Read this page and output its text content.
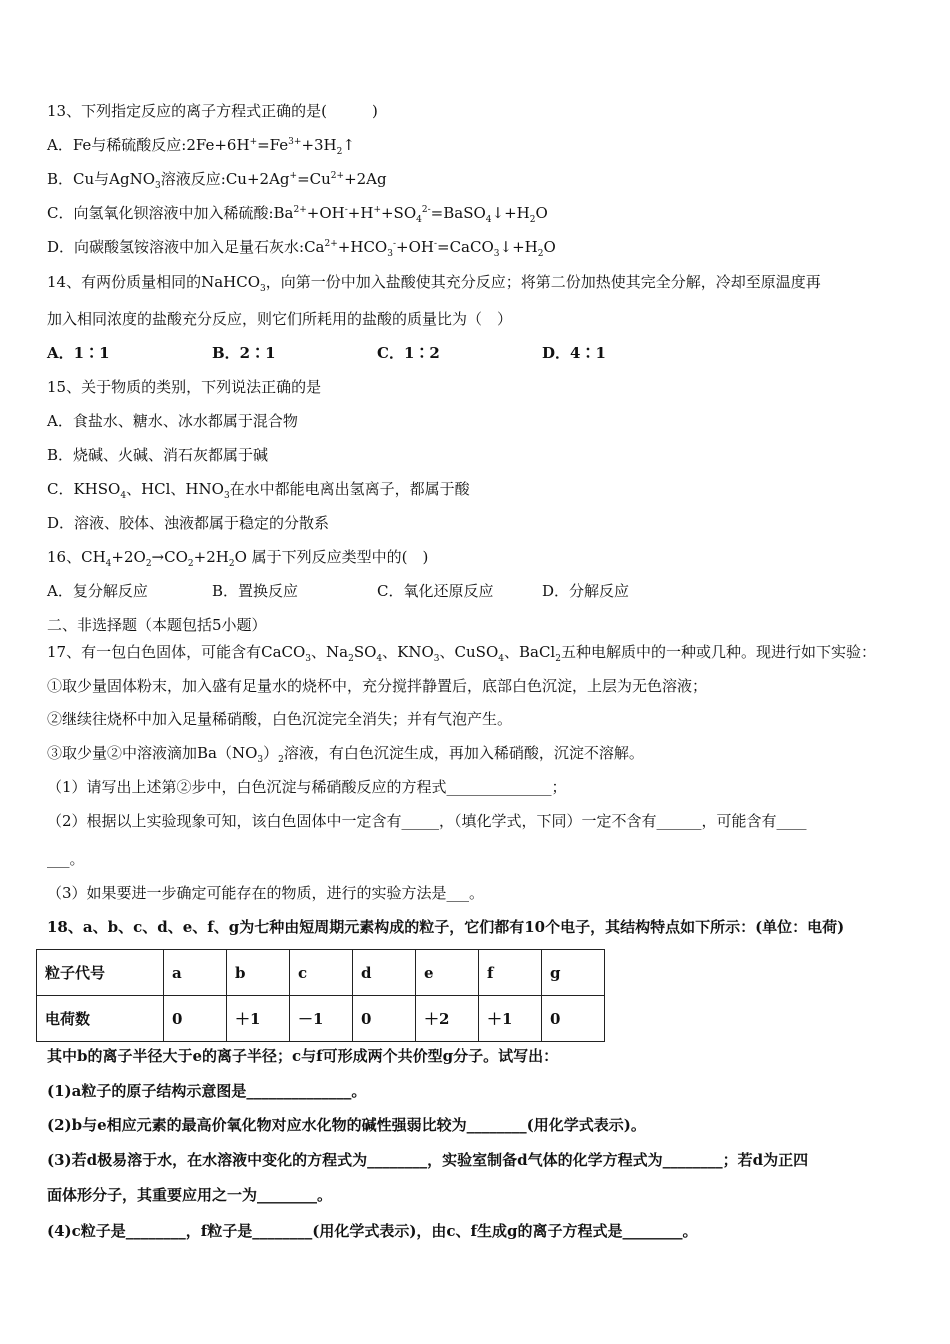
13、下列指定反应的离子方程式正确的是(　　　)
A．Fe与稀硫酸反应$:2Fe+6H^+=Fe^{3+}+3H_2↑$
B．Cu与AgNO$_3$溶液反应$:Cu+2Ag^+=Cu^{2+}+2Ag$
C．向氢氧化钡溶液中加入稀硫酸$:Ba^{2+}+OH^-+H^++SO_4^{2-}=BaSO_4↓+H_2O$
D．向碳酸氢铵溶液中加入足量石灰水$:Ca^{2+}+HCO_3^-+OH^-=CaCO_3↓+H_2O$
14、有两份质量相同的NaHCO$_3$，向第一份中加入盐酸使其充分反应；将第二份加热使其完全分解，冷却至原温度再
加入相同浓度的盐酸充分反应，则它们所耗用的盐酸的质量比为（　）
A．1∶1	B．2∶1	C．1∶2	D．4∶1
15、关于物质的类别，下列说法正确的是
A．食盐水、糖水、冰水都属于混合物
B．烧碱、火碱、消石灰都属于碱
C．$KHSO_4$、HCl、$HNO_3$在水中都能电离出氢离子，都属于酸
D．溶液、胶体、浊液都属于稳定的分散系
16、$CH_4+2O_2\to CO_2+2H_2O$ 属于下列反应类型中的(　)
A．复分解反应	B．置换反应	C．氧化还原反应	D．分解反应
二、非选择题（本题包括5小题）
17、有一包白色固体，可能含有CaCO$_3$、$Na_2SO_4$、$KNO_3$、CuSO$_4$、BaCl$_2$五种电解质中的一种或几种。现进行如下实验：
①取少量固体粉末，加入盛有足量水的烧杯中，充分搅拌静置后，底部白色沉淀，上层为无色溶液；
②继续往烧杯中加入足量稀硝酸，白色沉淀完全消失；并有气泡产生。
③取少量②中溶液滴加$Ba(NO_3)_2$溶液，有白色沉淀生成，再加入稀硝酸，沉淀不溶解。
（1）请写出上述第②步中，白色沉淀与稀硝酸反应的方程式______________；
（2）根据以上实验现象可知，该白色固体中一定含有_____，（填化学式，下同）一定不含有______，可能含有____
___。
（3）如果要进一步确定可能存在的物质，进行的实验方法是___。
18、a、b、c、d、e、f、g为七种由短周期元素构成的粒子，它们都有10个电子，其结构特点如下所示：(单位：电荷)
粒子代号	a	b	c	d	e	f	g
电荷数	0	＋1	－1	0	＋2	＋1	0
其中b的离子半径大于e的离子半径；c与f可形成两个共价型g分子。试写出：
(1)a粒子的原子结构示意图是______________。
(2)b与e相应元素的最高价氧化物对应水化物的碱性强弱比较为________(用化学式表示)。
(3)若d极易溶于水，在水溶液中变化的方程式为________，实验室制备d气体的化学方程式为________；若d为正四
面体形分子，其重要应用之一为________。
(4)c粒子是________，f粒子是________(用化学式表示)，由c、f生成g的离子方程式是________。
